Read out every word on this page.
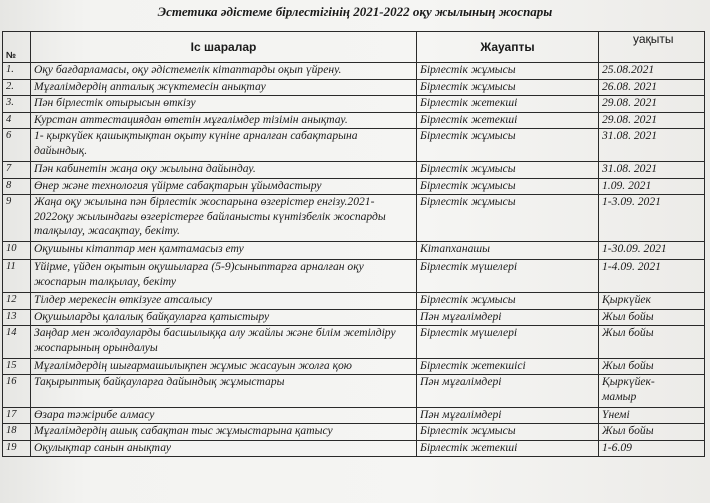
Эстетика әдістеме бірлестігінің 2021-2022 оқу жылының жоспары
№	Іс шаралар	Жауапты	уақыты
1.	Оқу бағдарламасы, оқу әдістемелік кітаптарды оқып үйрену.	Бірлестік жұмысы	25.08.2021
2.	Мұғалімдердің апталық жүктемесін анықтау	Бірлестік жұмысы	26.08. 2021
3.	Пән бірлестік отырысын өткізу	Бірлестік жетекші	29.08. 2021
4	Курстан аттестациядан өтетін мұғалімдер тізімін анықтау.	Бірлестік жетекші	29.08. 2021
6	1- қыркүйек қашықтықтан оқыту күніне арналған сабақтарына дайындық.	Бірлестік жұмысы	31.08. 2021
7	Пән кабинетін жаңа оқу жылына дайындау.	Бірлестік жұмысы	31.08. 2021
8	Өнер және технология үйірме сабақтарын ұйымдастыру	Бірлестік жұмысы	1.09. 2021
9	Жаңа оқу жылына пән бірлестік жоспарына өзгерістер енгізу.2021-2022оқу жылындағы өзгерістерге байланысты күнтізбелік жоспарды талқылау, жасақтау, бекіту.	Бірлестік жұмысы	1-3.09. 2021
10	Оқушыны кітаптар мен қамтамасыз ету	Кітапханашы	1-30.09. 2021
11	Үйірме, үйден оқытын оқушыларға (5-9)сыныптарға арналған оқу жоспарын талқылау, бекіту	Бірлестік мүшелері	1-4.09. 2021
12	Тілдер мерекесін өткізуге атсалысу	Бірлестік жұмысы	Қыркүйек
13	Оқушыларды қалалық байқауларға қатыстыру	Пән мұғалімдері	Жыл бойы
14	Заңдар мен жолдауларды басшылыққа алу жайлы және білім жетілдіру жоспарының орындалуы	Бірлестік мүшелері	Жыл бойы
15	Мұғалімдердің шығармашылықпен жұмыс жасауын жолға қою	Бірлестік жетекшісі	Жыл бойы
16	Тақырыптық байқауларға дайындық жұмыстары	Пән мұғалімдері	Қыркүйек-
мамыр
17	Өзара тәжірибе алмасу	Пән мұғалімдері	Үнемі
18	Мұғалімдердің ашық сабақтан тыс жұмыстарына қатысу	Бірлестік жұмысы	Жыл бойы
19	Оқулықтар санын анықтау	Бірлестік жетекші	1-6.09
